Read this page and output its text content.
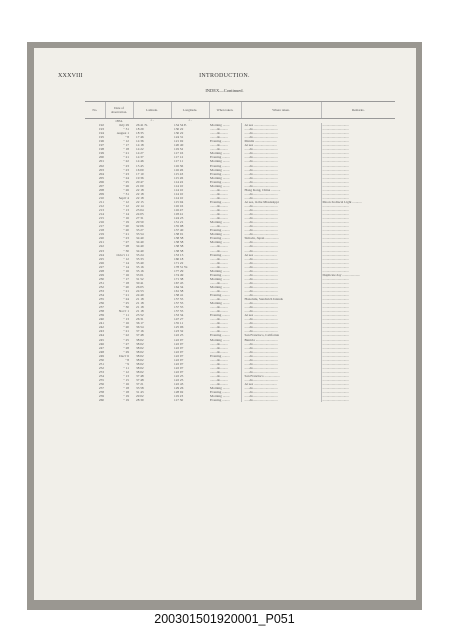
XXXVIII	INTRODUCTION.
INDEX—Continued.
No.	Date of observation.	Latitude.	Longitude.	When taken.	Where taken.	Remarks.
	1854.	° '	° '			
192	July 29	26 41 N.	134 54 E.	Morning ........	At sea ...........................	...............................
193	" 31	18 29	130 22	........do.........	......do.............................	...............................
194	August 1	18 35	130 22	........do.........	......do.............................	...............................
195	" 8	17 46	124 31	........do.........	......do.............................	...............................
196	" 12	14 36	121 02	Evening .........	Manila ..........................	...............................
197	" 17	14 18	120 40	........do.........	At sea ...........................	...............................
198	" 18	14 22	119 52	........do.........	......do.............................	...............................
199	" 21	14 27	117 16	Morning ........	......do.............................	...............................
200	" 21	14 37	117 12	Evening .........	......do.............................	...............................
201	" 22	14 46	117 11	Morning ........	......do.............................	...............................
202	" 23	15 45	116 36	Evening .........	......do.............................	...............................
203	" 23	16 00	116 26	Morning ........	......do.............................	...............................
204	" 23	17 10	115 43	Evening .........	......do.............................	...............................
205	" 24	19 36	115 26	Morning ........	......do.............................	...............................
206	" 25	20 47	114 22	Evening .........	......do.............................	...............................
207	" 26	21 00	114 10	Morning ........	......do.............................	...............................
208	" 26	22 18	114 10	........do.........	Hong Kong, China ...........	...............................
209	" 31	22 18	114 10	........do.........	......do.............................	...............................
210	Sept'r 4	22 18	114 10	........do.........	......do.............................	...............................
211	" 12	22 15	115 04	Evening .........	At sea, in the Mississippi	Moon Zodiacal Light ...........
212	" 12	22 14	116 16	........do.........	......do.............................	...............................
213	" 13	23 04	116 47	........do.........	......do.............................	...............................
214	" 14	24 05	118 41	........do.........	......do.............................	...............................
215	" 16	27 31	124 23	........do.........	......do.............................	...............................
216	" 19	29 50	131 21	Morning ........	......do.............................	...............................
217	" 20	32 06	135 08	........do.........	......do.............................	...............................
218	" 20	33 27	137 40	Evening .........	......do.............................	...............................
219	" 21	33 54	138 01	Morning ........	......do.............................	...............................
220	" 23	34 40	138 58	Evening .........	Simoda, Japan ................	...............................
221	" 27	34 40	138 58	Morning ........	......do.............................	...............................
222	" 28	34 40	138 58	........do.........	......do.............................	...............................
223	" 30	34 40	138 58	........do.........	......do.............................	...............................
224	Octo'r 11	35 24	153 13	Evening .........	At sea ...........................	...............................
225	" 12	35 33	160 18	........do.........	......do.............................	...............................
226	" 14	35 40	171 22	........do.........	......do.............................	...............................
227	" 14	35 16	178 51 W.	........do.........	......do.............................	...............................
228	" 16	35 16	177 29	Morning ........	......do.............................	...............................
229	" 16	33 01	174 49	Evening .........	......do.............................	Duplicate day .....................
230	" 17	31 52	171 38	Morning ........	......do.............................	...............................
231	" 18	30 41	167 45	........do.........	......do.............................	...............................
232	" 20	26 05	164 34	Morning ........	......do.............................	...............................
233	" 21	24 53	161 58	........do.........	......do.............................	...............................
234	" 21	24 49	158 41	Evening .........	......do.............................	...............................
235	" 24	21 18	157 55	........do.........	Honolulu, Sandwich Islands	...............................
236	" 25	21 18	157 55	Morning ........	......do.............................	...............................
237	" 30	21 18	157 55	........do.........	......do.............................	...............................
238	Nov'r 1	21 18	157 55	........do.........	......do.............................	...............................
239	" 11	23 52	153 34	Evening .........	At sea ...........................	...............................
240	" 13	26 31	147 27	........do.........	......do.............................	...............................
241	" 16	36 17	135 11	........do.........	......do.............................	...............................
242	" 20	36 54	125 06	........do.........	......do.............................	...............................
243	" 21	37 16	123 32	........do.........	......do.............................	...............................
244	" 22	37 48	122 25	Evening .........	San Francisco, California	...............................
245	" 25	38 02	122 07	Morning ........	Benicia ..........................	...............................
246	" 27	38 02	122 07	........do.........	......do.............................	...............................
247	" 28	38 02	122 07	........do.........	......do.............................	...............................
248	" 29	38 02	122 07	........do.........	......do.............................	...............................
249	Dec'r 6	38 02	122 07	Evening .........	......do.............................	...............................
250	" 8	38 02	122 07	........do.........	......do.............................	...............................
251	" 9	38 02	122 07	........do.........	......do.............................	...............................
252	" 11	38 02	122 07	........do.........	......do.............................	...............................
253	" 12	38 02	122 07	........do.........	......do.............................	...............................
254	" 13	37 48	122 25	........do.........	San Francisco ..................	...............................
255	" 15	37 48	122 25	........do.........	......do.............................	...............................
256	" 16	37 21	122 43	........do.........	At sea ...........................	...............................
257	" 18	33 58	129 26	Morning ........	......do.............................	...............................
258	" 18	31 43	128 02	Evening .........	......do.............................	...............................
259	" 19	29 02	119 23	Morning ........	......do.............................	...............................
260	" 19	28 30	117 30	Evening .........	......do.............................	...............................
200301501920001_P051
